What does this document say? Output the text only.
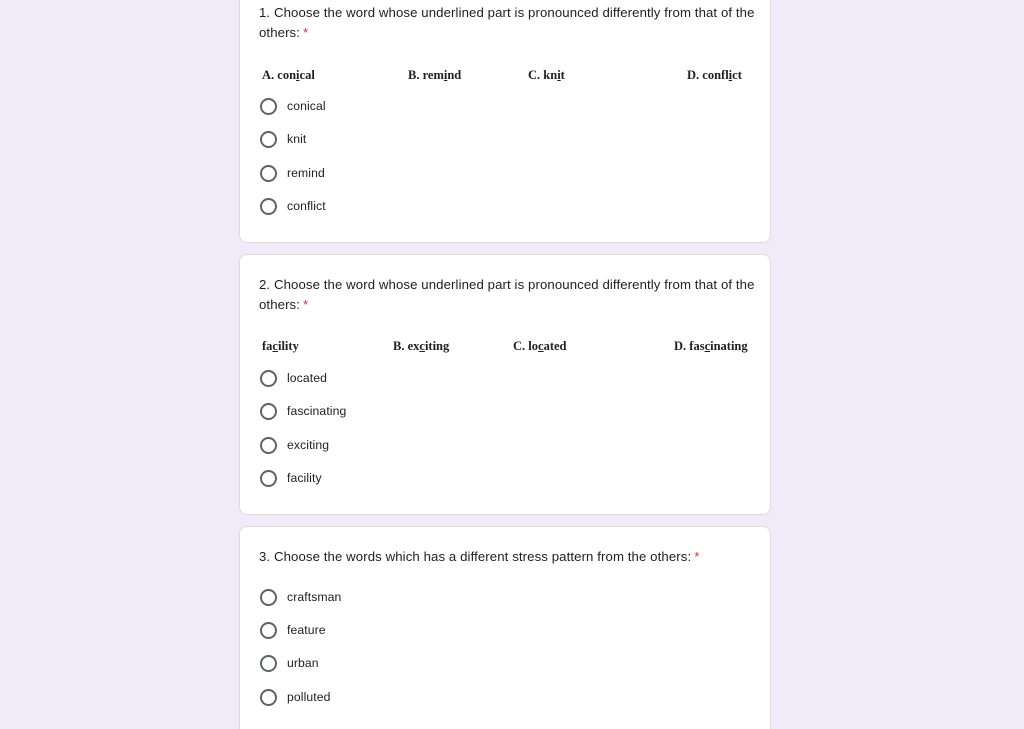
1. Choose the word whose underlined part is pronounced differently from that of the others: *
A. conical	B. remind	C. knit	D. conflict
conical
knit
remind
conflict
2. Choose the word whose underlined part is pronounced differently from that of the others: *
facility	B. exciting	C. located	D. fascinating
located
fascinating
exciting
facility
3. Choose the words which has a different stress pattern from the others: *
craftsman
feature
urban
polluted
